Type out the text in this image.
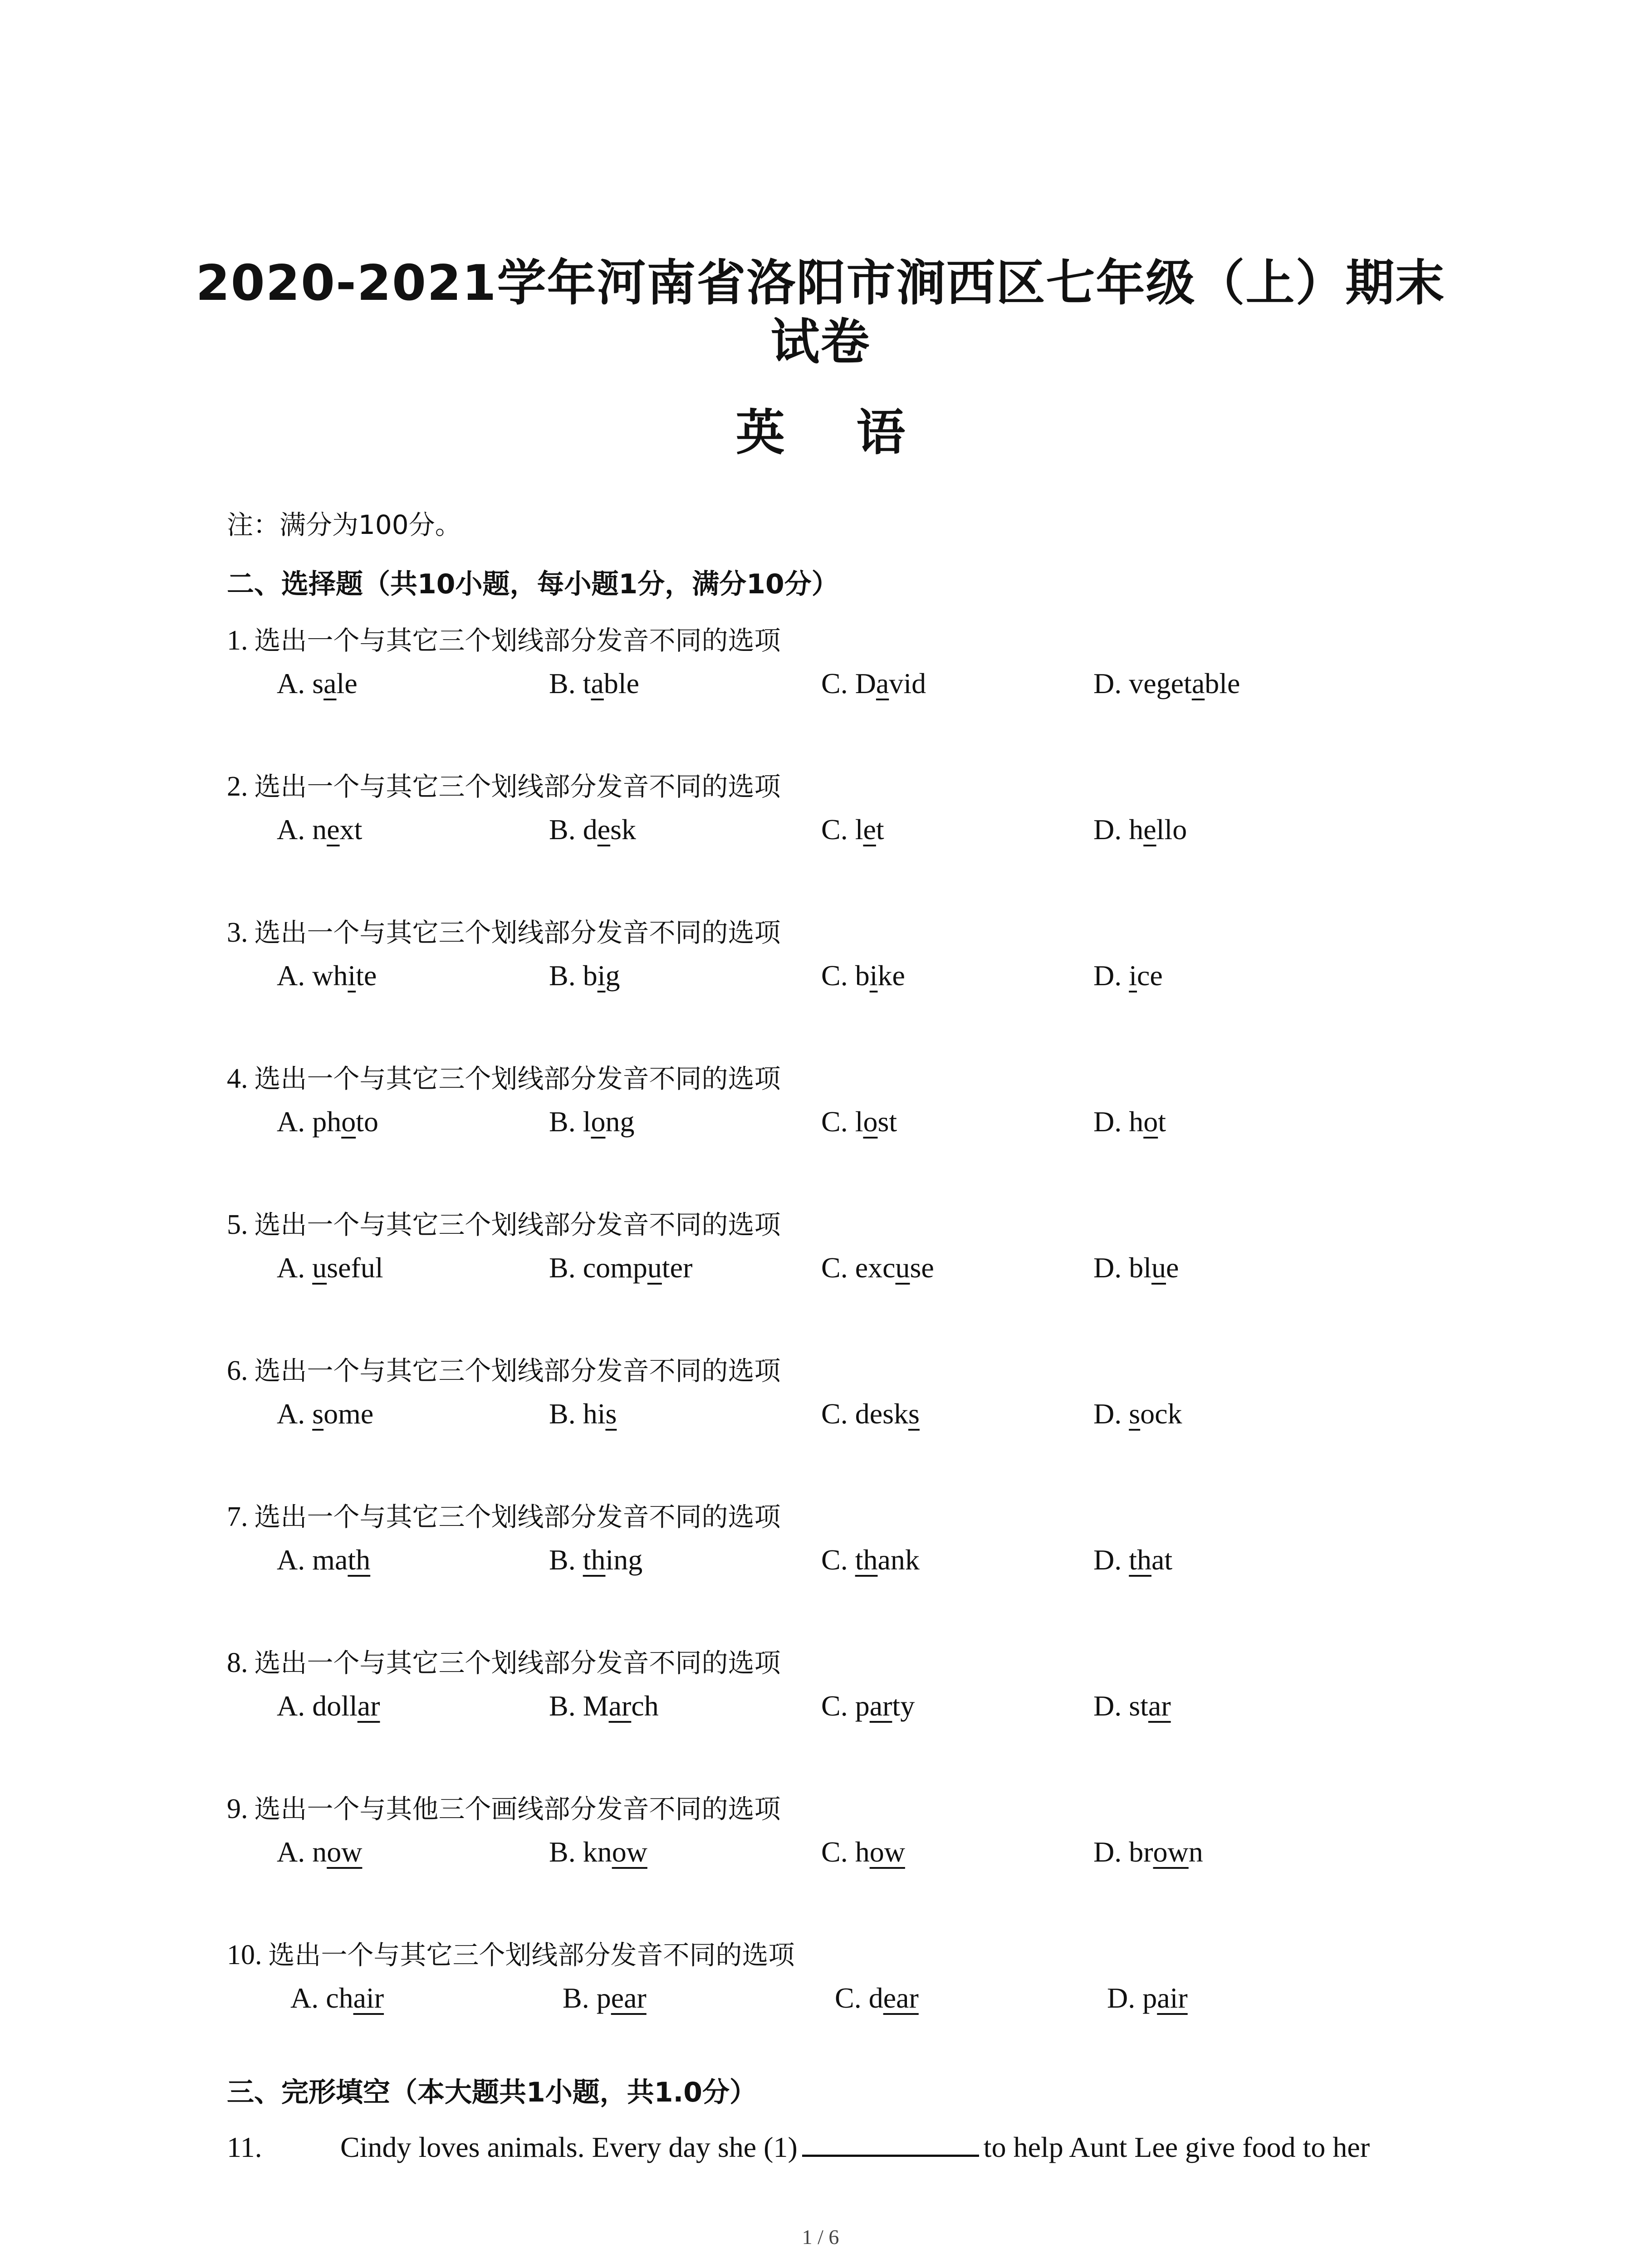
2020-2021学年河南省洛阳市涧西区七年级（上）期末
试卷
英 语
注：满分为100分。
二、选择题（共10小题，每小题1分，满分10分）
1. 选出一个与其它三个划线部分发音不同的选项
A. sale	B. table	C. David	D. vegetable
2. 选出一个与其它三个划线部分发音不同的选项
A. next	B. desk	C. let	D. hello
3. 选出一个与其它三个划线部分发音不同的选项
A. white	B. big	C. bike	D. ice
4. 选出一个与其它三个划线部分发音不同的选项
A. photo	B. long	C. lost	D. hot
5. 选出一个与其它三个划线部分发音不同的选项
A. useful	B. computer	C. excuse	D. blue
6. 选出一个与其它三个划线部分发音不同的选项
A. some	B. his	C. desks	D. sock
7. 选出一个与其它三个划线部分发音不同的选项
A. math	B. thing	C. thank	D. that
8. 选出一个与其它三个划线部分发音不同的选项
A. dollar	B. March	C. party	D. star
9. 选出一个与其他三个画线部分发音不同的选项
A. now	B. know	C. how	D. brown
10. 选出一个与其它三个划线部分发音不同的选项
A. chair	B. pear	C. dear	D. pair
三、完形填空（本大题共1小题，共1.0分）
11.	Cindy loves animals. Every day she (1)	to help Aunt Lee give food to her
1 / 6
